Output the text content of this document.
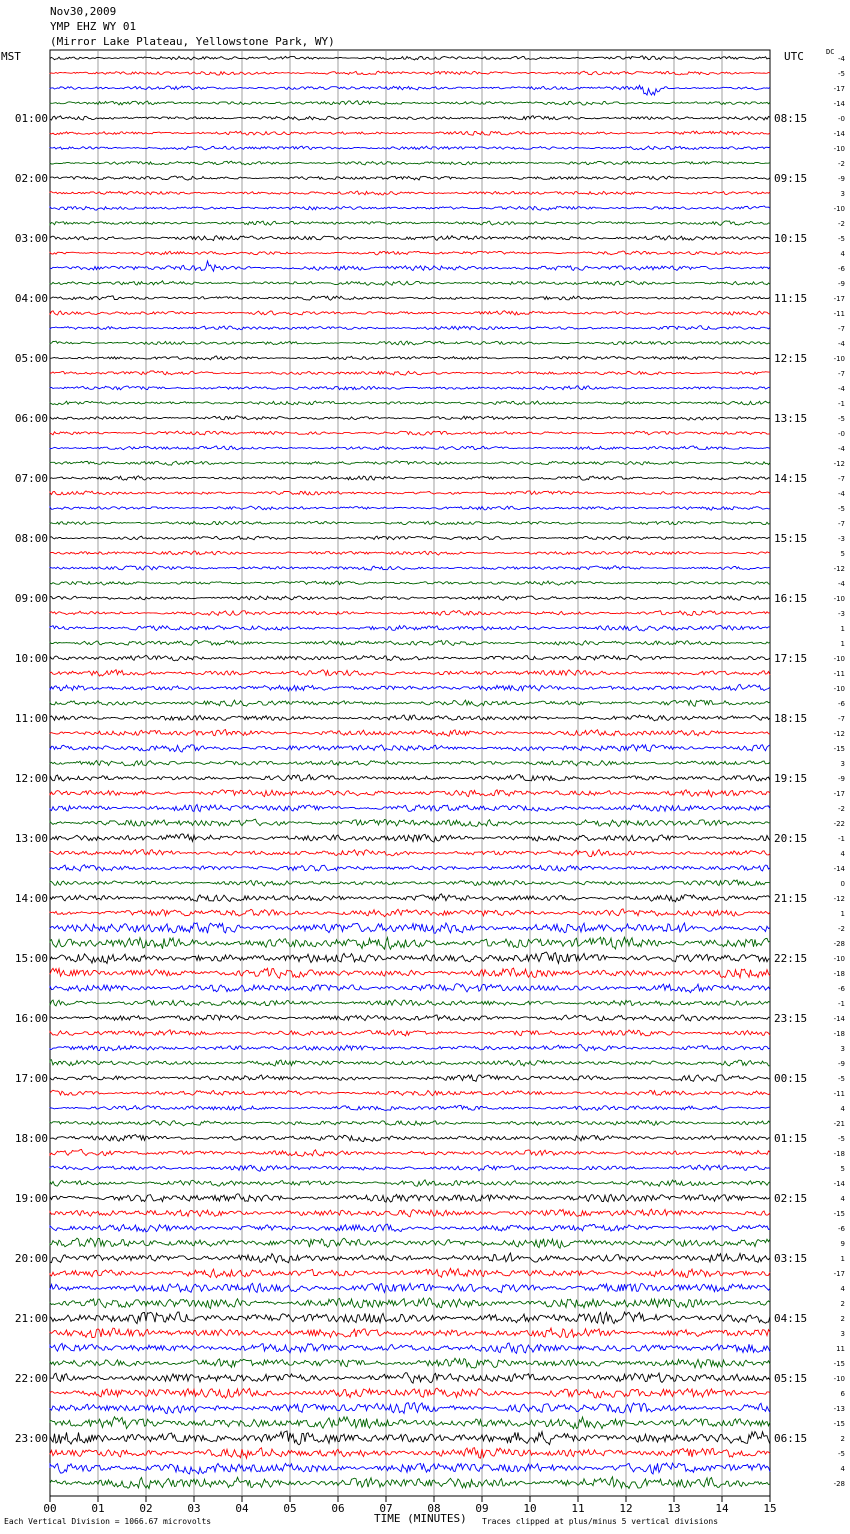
Nov30,2009
YMP EHZ WY 01
(Mirror Lake Plateau, Yellowstone Park, WY)
MST	UTC	DC
00	01	02	03	04	05	06	07	08	09	10	11	12	13	14	15
-4
-5
-17
-14
-0
-14
-10
-2
-9
3
-10
-2
-5
4
-6
-9
-17
-11
-7
-4
-10
-7
-4
-1
-5
-0
-4
-12
-7
-4
-5
-7
-3
5
-12
-4
-10
-3
1
1
-10
-11
-10
-6
-7
-12
-15
3
-9
-17
-2
-22
-1
4
-14
0
-12
1
-2
-28
-10
-18
-6
-1
-14
-18
3
-9
-5
-11
4
-21
-5
-18
5
-14
4
-15
-6
9
1
-17
4
2
2
3
11
-15
-10
6
-13
-15
2
-5
4
-28
01:00
02:00
03:00
04:00
05:00
06:00
07:00
08:00
09:00
10:00
11:00
12:00
13:00
14:00
15:00
16:00
17:00
18:00
19:00
20:00
21:00
22:00
23:00
08:15
09:15
10:15
11:15
12:15
13:15
14:15
15:15
16:15
17:15
18:15
19:15
20:15
21:15
22:15
23:15
00:15
01:15
02:15
03:15
04:15
05:15
06:15
Each Vertical Division = 1066.67 microvolts	TIME (MINUTES) Traces clipped at plus/minus 5 vertical divisions
